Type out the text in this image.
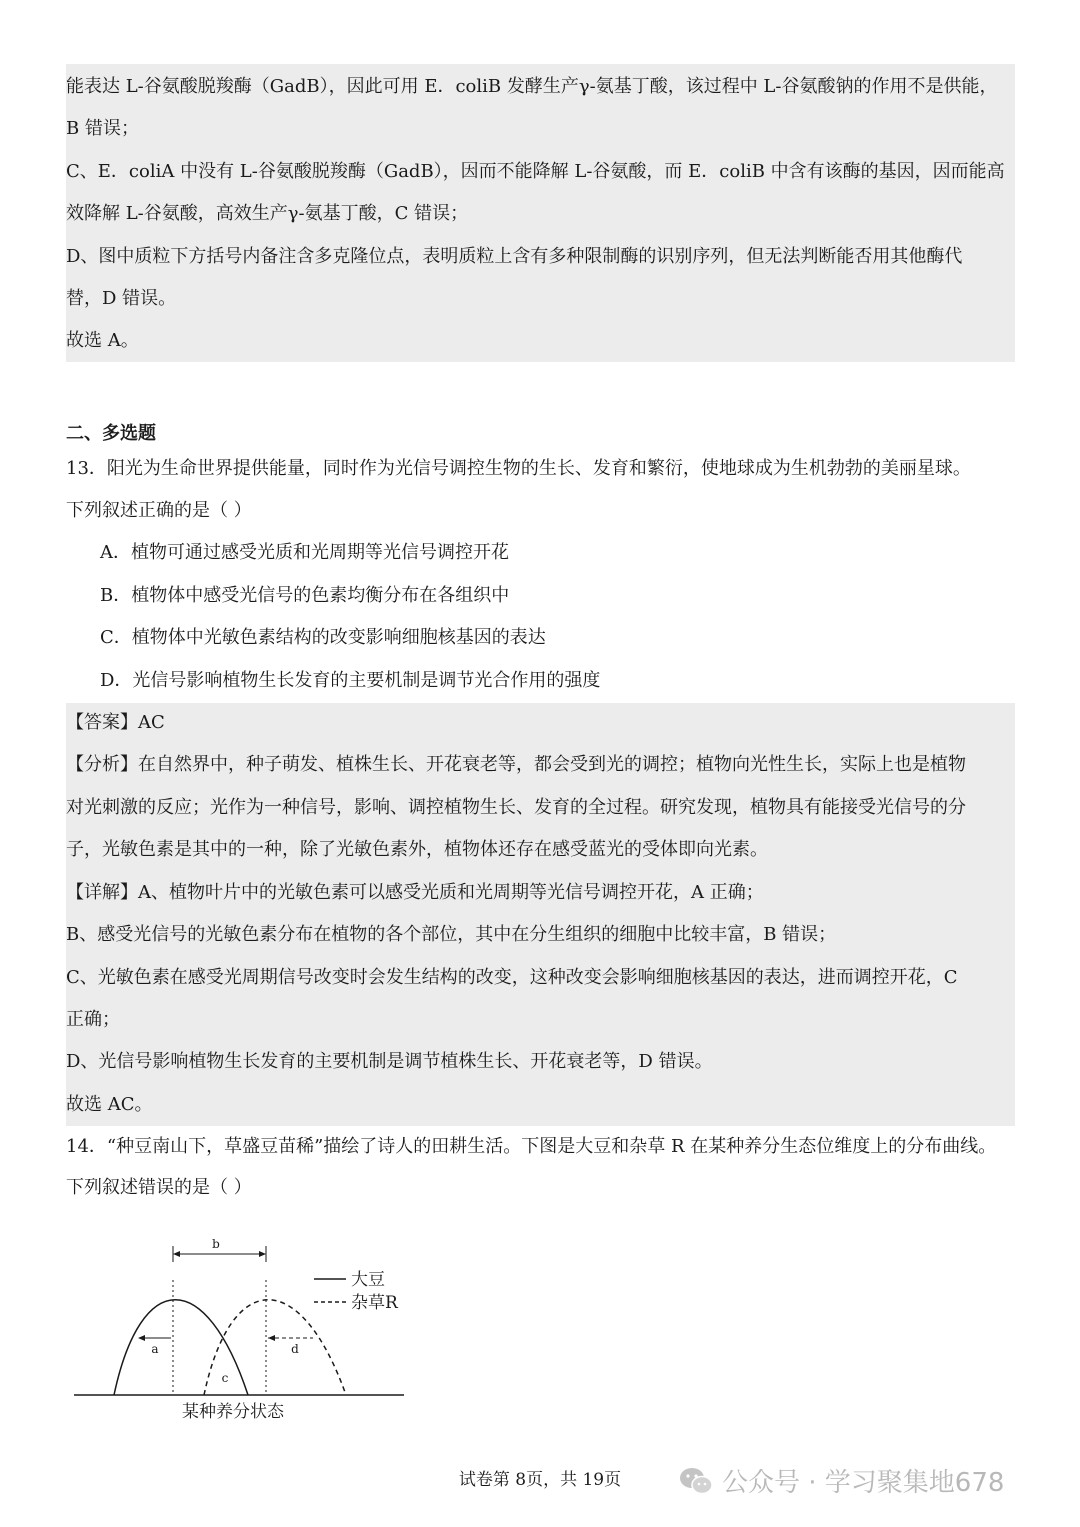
能表达 L-谷氨酸脱羧酶（GadB），因此可用 E．coliB 发酵生产γ-氨基丁酸，该过程中 L-谷氨酸钠的作用不是供能，
B 错误；
C、E．coliA 中没有 L-谷氨酸脱羧酶（GadB），因而不能降解 L-谷氨酸，而 E．coliB 中含有该酶的基因，因而能高
效降解 L-谷氨酸，高效生产γ-氨基丁酸，C 错误；
D、图中质粒下方括号内备注含多克隆位点，表明质粒上含有多种限制酶的识别序列，但无法判断能否用其他酶代
替，D 错误。
故选 A。
二、多选题
13．阳光为生命世界提供能量，同时作为光信号调控生物的生长、发育和繁衍，使地球成为生机勃勃的美丽星球。
下列叙述正确的是（ ）
A．植物可通过感受光质和光周期等光信号调控开花
B．植物体中感受光信号的色素均衡分布在各组织中
C．植物体中光敏色素结构的改变影响细胞核基因的表达
D．光信号影响植物生长发育的主要机制是调节光合作用的强度
【答案】AC
【分析】在自然界中，种子萌发、植株生长、开花衰老等，都会受到光的调控；植物向光性生长，实际上也是植物
对光刺激的反应；光作为一种信号，影响、调控植物生长、发育的全过程。研究发现，植物具有能接受光信号的分
子，光敏色素是其中的一种，除了光敏色素外，植物体还存在感受蓝光的受体即向光素。
【详解】A、植物叶片中的光敏色素可以感受光质和光周期等光信号调控开花，A 正确；
B、感受光信号的光敏色素分布在植物的各个部位，其中在分生组织的细胞中比较丰富，B 错误；
C、光敏色素在感受光周期信号改变时会发生结构的改变，这种改变会影响细胞核基因的表达，进而调控开花，C
正确；
D、光信号影响植物生长发育的主要机制是调节植株生长、开花衰老等，D 错误。
故选 AC。
14．“种豆南山下，草盛豆苗稀”描绘了诗人的田耕生活。下图是大豆和杂草 R 在某种养分生态位维度上的分布曲线。
下列叙述错误的是（ ）
b
a	d
c
大豆
杂草R
某种养分状态
试卷第 8页，共 19页	公众号 · 学习聚集地678
